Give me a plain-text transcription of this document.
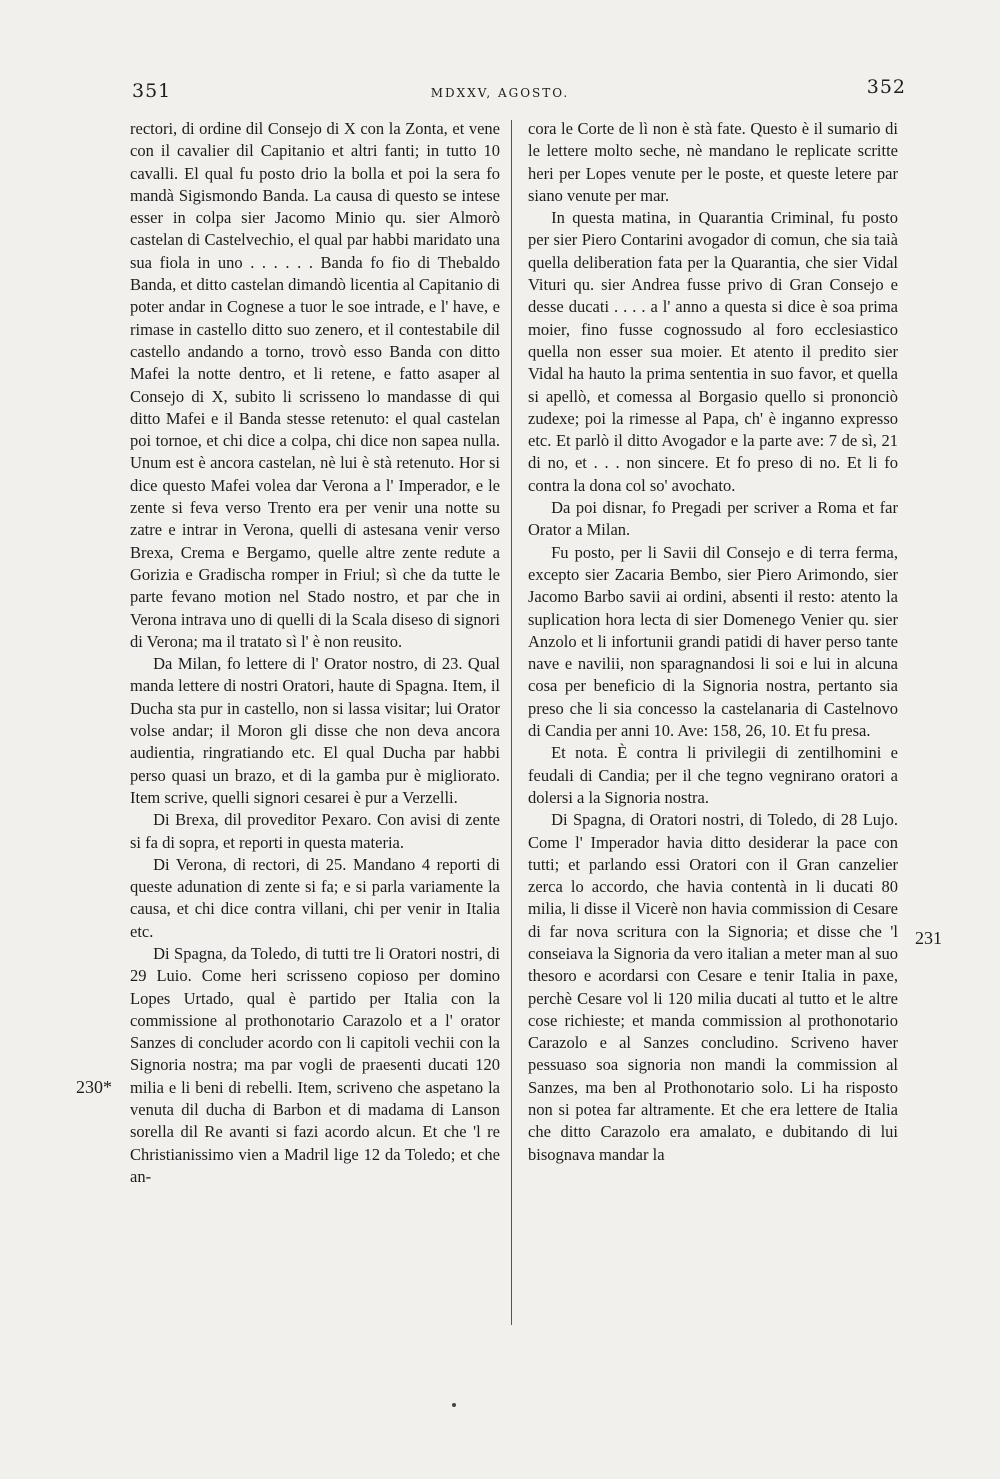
351	MDXXV, AGOSTO.	352

rectori, di ordine dil Consejo di X con la Zonta, et vene con il cavalier dil Capitanio et altri fanti; in tutto 10 cavalli. El qual fu posto drio la bolla et poi la sera fo mandà Sigismondo Banda. La causa di questo se intese esser in colpa sier Jacomo Minio qu. sier Almorò castelan di Castelvechio, el qual par habbi maridato una sua fiola in uno . . . . . . Banda fo fio di Thebaldo Banda, et ditto castelan dimandò licentia al Capitanio di poter andar in Cognese a tuor le soe intrade, e l' have, e rimase in castello ditto suo zenero, et il contestabile dil castello andando a torno, trovò esso Banda con ditto Mafei la notte dentro, et li retene, e fatto asaper al Consejo di X, subito li scrisseno lo mandasse di qui ditto Mafei e il Banda stesse retenuto: el qual castelan poi tornoe, et chi dice a colpa, chi dice non sapea nulla. Unum est è ancora castelan, nè lui è stà retenuto. Hor si dice questo Mafei volea dar Verona a l' Imperador, e le zente si feva verso Trento era per venir una notte su zatre e intrar in Verona, quelli di astesana venir verso Brexa, Crema e Bergamo, quelle altre zente redute a Gorizia e Gradischa romper in Friul; sì che da tutte le parte fevano motion nel Stado nostro, et par che in Verona intrava uno di quelli di la Scala diseso di signori di Verona; ma il tratato sì l' è non reusito.

Da Milan, fo lettere di l' Orator nostro, di 23. Qual manda lettere di nostri Oratori, haute di Spagna. Item, il Ducha sta pur in castello, non si lassa visitar; lui Orator volse andar; il Moron gli disse che non deva ancora audientia, ringratiando etc. El qual Ducha par habbi perso quasi un brazo, et di la gamba pur è migliorato. Item scrive, quelli signori cesarei è pur a Verzelli.

Di Brexa, dil proveditor Pexaro. Con avisi di zente si fa di sopra, et reporti in questa materia.

Di Verona, di rectori, di 25. Mandano 4 reporti di queste adunation di zente si fa; e si parla variamente la causa, et chi dice contra villani, chi per venir in Italia etc.

Di Spagna, da Toledo, di tutti tre li Oratori nostri, di 29 Luio. Come heri scrisseno copioso per domino Lopes Urtado, qual è partido per Italia con la commissione al prothonotario Carazolo et a l' orator Sanzes di concluder acordo con li capitoli vechii con la Signoria nostra; ma par vogli de praesenti ducati 120 milia e li beni di rebelli. Item, scriveno che aspetano la venuta dil ducha di Barbon et di madama di Lanson sorella dil Re avanti si fazi acordo alcun. Et che 'l re Christianissimo vien a Madril lige 12 da Toledo; et che an-

cora le Corte de lì non è stà fate. Questo è il sumario di le lettere molto seche, nè mandano le replicate scritte heri per Lopes venute per le poste, et queste letere par siano venute per mar.

In questa matina, in Quarantia Criminal, fu posto per sier Piero Contarini avogador di comun, che sia taià quella deliberation fata per la Quarantia, che sier Vidal Vituri qu. sier Andrea fusse privo di Gran Consejo e desse ducati . . . . a l' anno a questa si dice è soa prima moier, fino fusse cognossudo al foro ecclesiastico quella non esser sua moier. Et atento il predito sier Vidal ha hauto la prima sententia in suo favor, et quella si apellò, et comessa al Borgasio quello si prononciò zudexe; poi la rimesse al Papa, ch' è inganno expresso etc. Et parlò il ditto Avogador e la parte ave: 7 de sì, 21 di no, et . . . non sincere. Et fo preso di no. Et li fo contra la dona col so' avochato.

Da poi disnar, fo Pregadi per scriver a Roma et far Orator a Milan.

Fu posto, per li Savii dil Consejo e di terra ferma, excepto sier Zacaria Bembo, sier Piero Arimondo, sier Jacomo Barbo savii ai ordini, absenti il resto: atento la suplication hora lecta di sier Domenego Venier qu. sier Anzolo et li infortunii grandi patidi di haver perso tante nave e navilii, non sparagnandosi li soi e lui in alcuna cosa per beneficio di la Signoria nostra, pertanto sia preso che li sia concesso la castelanaria di Castelnovo di Candia per anni 10. Ave: 158, 26, 10. Et fu presa.

Et nota. È contra li privilegii di zentilhomini e feudali di Candia; per il che tegno vegnirano oratori a dolersi a la Signoria nostra.

Di Spagna, di Oratori nostri, di Toledo, di 28 Lujo. Come l' Imperador havia ditto desiderar la pace con tutti; et parlando essi Oratori con il Gran canzelier zerca lo accordo, che havia contentà in li ducati 80 milia, li disse il Vicerè non havia commission di Cesare di far nova scritura con la Signoria; et disse che 'l conseiava la Signoria da vero italian a meter man al suo thesoro e acordarsi con Cesare e tenir Italia in paxe, perchè Cesare vol li 120 milia ducati al tutto et le altre cose richieste; et manda commission al prothonotario Carazolo e al Sanzes concludino. Scriveno haver pessuaso soa signoria non mandi la commission al Sanzes, ma ben al Prothonotario solo. Li ha risposto non si potea far altramente. Et che era lettere de Italia che ditto Carazolo era amalato, e dubitando di lui bisognava mandar la

230*
231
